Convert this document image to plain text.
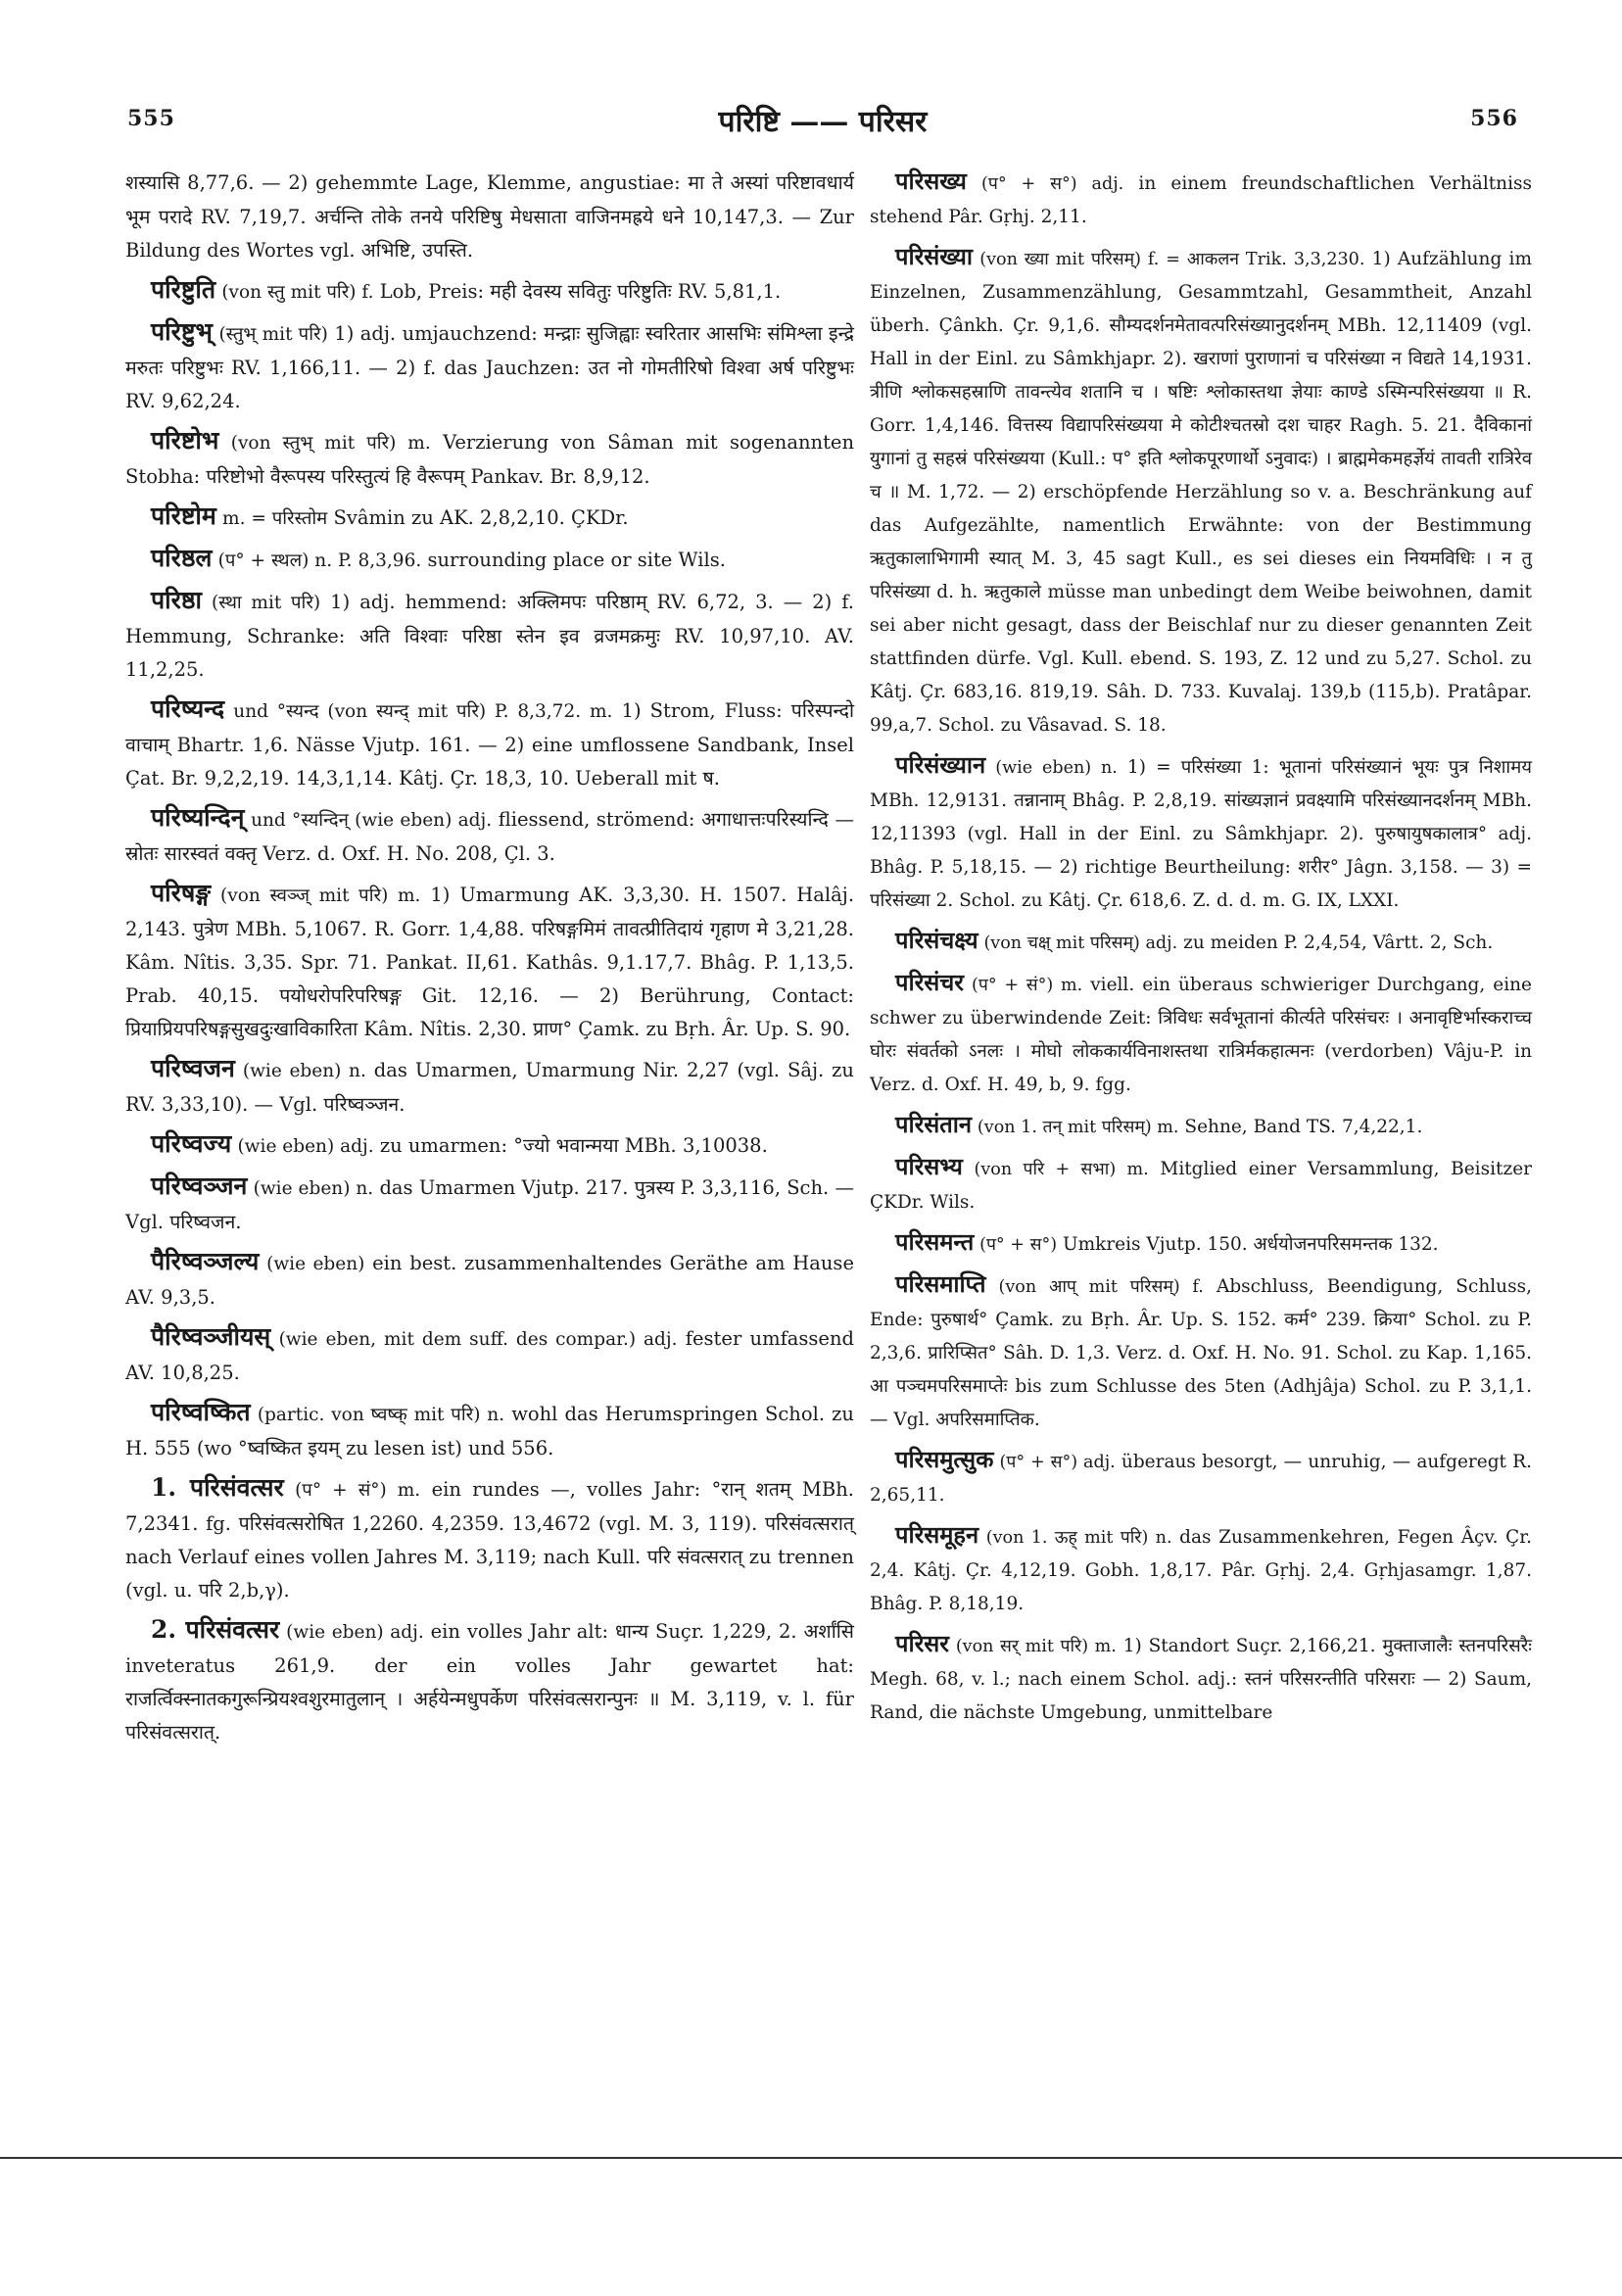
555	परिष्टि —— परिसर	556

शस्यासि 8,77,6. — 2) gehemmte Lage, Klemme, angustiae: मा ते अस्यां परिष्टावधार्य भूम परादे RV. 7,19,7. अर्चन्ति तोके तनये परिष्टिषु मेधसाता वाजिनमह्रये धने 10,147,3. — Zur Bildung des Wortes vgl. अभिष्टि, उपस्ति.

परिष्टुति (von स्तु mit परि) f. Lob, Preis: मही देवस्य सवितुः परिष्टुतिः RV. 5,81,1.

परिष्टुभ् (स्तुभ् mit परि) 1) adj. umjauchzend: मन्द्राः सुजिह्वाः स्वरितार आसभिः संमिश्ला इन्द्रे मरुतः परिष्टुभः RV. 1,166,11. — 2) f. das Jauchzen: उत नो गोमतीरिषो विश्वा अर्ष परिष्टुभः RV. 9,62,24.

परिष्टोभ (von स्तुभ् mit परि) m. Verzierung von Sâman mit sogenannten Stobha: परिष्टोभो वैरूपस्य परिस्तुत्यं हि वैरूपम् Pankav. Br. 8,9,12.

परिष्टोम m. = परिस्तोम Svâmin zu AK. 2,8,2,10. ÇKDr.

परिष्ठल (प° + स्थल) n. P. 8,3,96. surrounding place or site Wils.

परिष्ठा (स्था mit परि) 1) adj. hemmend: अक्लिमपः परिष्ठाम् RV. 6,72, 3. — 2) f. Hemmung, Schranke: अति विश्वाः परिष्ठा स्तेन इव व्रजमक्रमुः RV. 10,97,10. AV. 11,2,25.

परिष्यन्द und °स्यन्द (von स्यन्द् mit परि) P. 8,3,72. m. 1) Strom, Fluss: परिस्पन्दो वाचाम् Bhartr. 1,6. Nässe Vjutp. 161. — 2) eine umflossene Sandbank, Insel Çat. Br. 9,2,2,19. 14,3,1,14. Kâtj. Çr. 18,3, 10. Ueberall mit ष.

परिष्यन्दिन् und °स्यन्दिन् (wie eben) adj. fliessend, strömend: अगाधात्तःपरिस्यन्दि — स्रोतः सारस्वतं वक्तृ Verz. d. Oxf. H. No. 208, Çl. 3.

परिषङ्ग (von स्वञ्ज् mit परि) m. 1) Umarmung AK. 3,3,30. H. 1507. Halâj. 2,143. पुत्रेण MBh. 5,1067. R. Gorr. 1,4,88. परिषङ्गमिमं तावत्प्रीतिदायं गृहाण मे 3,21,28. Kâm. Nîtis. 3,35. Spr. 71. Pankat. II,61. Kathâs. 9,1.17,7. Bhâg. P. 1,13,5. Prab. 40,15. पयोधरोपरिपरिषङ्ग Git. 12,16. — 2) Berührung, Contact: प्रियाप्रियपरिषङ्गसुखदुःखाविकारिता Kâm. Nîtis. 2,30. प्राण° Çamk. zu Bṛh. Âr. Up. S. 90.

परिष्वजन (wie eben) n. das Umarmen, Umarmung Nir. 2,27 (vgl. Sâj. zu RV. 3,33,10). — Vgl. परिष्वञ्जन.

परिष्वज्य (wie eben) adj. zu umarmen: °ज्यो भवान्मया MBh. 3,10038.

परिष्वञ्जन (wie eben) n. das Umarmen Vjutp. 217. पुत्रस्य P. 3,3,116, Sch. — Vgl. परिष्वजन.

पैरिष्वञ्जल्य (wie eben) ein best. zusammenhaltendes Geräthe am Hause AV. 9,3,5.

पैरिष्वञ्जीयस् (wie eben, mit dem suff. des compar.) adj. fester umfassend AV. 10,8,25.

परिष्वष्कित (partic. von ष्वष्क् mit परि) n. wohl das Herumspringen Schol. zu H. 555 (wo °ष्वष्कित इयम् zu lesen ist) und 556.

1. परिसंवत्सर (प° + सं°) m. ein rundes —, volles Jahr: °रान् शतम् MBh. 7,2341. fg. परिसंवत्सरोषित 1,2260. 4,2359. 13,4672 (vgl. M. 3, 119). परिसंवत्सरात् nach Verlauf eines vollen Jahres M. 3,119; nach Kull. परि संवत्सरात् zu trennen (vgl. u. परि 2,b,γ).

2. परिसंवत्सर (wie eben) adj. ein volles Jahr alt: धान्य Suçr. 1,229, 2. अर्शांसि inveteratus 261,9. der ein volles Jahr gewartet hat: राजर्त्विक्स्नातकगुरून्प्रियश्वशुरमातुलान् । अर्हयेन्मधुपर्केण परिसंवत्सरान्पुनः ॥ M. 3,119, v. l. für परिसंवत्सरात्.

परिसख्य (प° + स°) adj. in einem freundschaftlichen Verhältniss stehend Pâr. Gṛhj. 2,11.

परिसंख्या (von ख्या mit परिसम्) f. = आकलन Trik. 3,3,230. 1) Aufzählung im Einzelnen, Zusammenzählung, Gesammtzahl, Gesammtheit, Anzahl überh. Çânkh. Çr. 9,1,6. सौम्यदर्शनमेतावत्परिसंख्यानुदर्शनम् MBh. 12,11409 (vgl. Hall in der Einl. zu Sâmkhjapr. 2). खराणां पुराणानां च परिसंख्या न विद्यते 14,1931. त्रीणि श्लोकसहस्राणि तावन्त्येव शतानि च । षष्टिः श्लोकास्तथा ज्ञेयाः काण्डे ऽस्मिन्परिसंख्यया ॥ R. Gorr. 1,4,146. वित्तस्य विद्यापरिसंख्यया मे कोटीश्चतस्रो दश चाहर Ragh. 5. 21. दैविकानां युगानां तु सहस्रं परिसंख्यया (Kull.: प° इति श्लोकपूरणार्थो ऽनुवादः) । ब्राह्ममेकमहर्ज्ञेयं तावती रात्रिरेव च ॥ M. 1,72. — 2) erschöpfende Herzählung so v. a. Beschränkung auf das Aufgezählte, namentlich Erwähnte: von der Bestimmung ऋतुकालाभिगामी स्यात् M. 3, 45 sagt Kull., es sei dieses ein नियमविधिः । न तु परिसंख्या d. h. ऋतुकाले müsse man unbedingt dem Weibe beiwohnen, damit sei aber nicht gesagt, dass der Beischlaf nur zu dieser genannten Zeit stattfinden dürfe. Vgl. Kull. ebend. S. 193, Z. 12 und zu 5,27. Schol. zu Kâtj. Çr. 683,16. 819,19. Sâh. D. 733. Kuvalaj. 139,b (115,b). Pratâpar. 99,a,7. Schol. zu Vâsavad. S. 18.

परिसंख्यान (wie eben) n. 1) = परिसंख्या 1: भूतानां परिसंख्यानं भूयः पुत्र निशामय MBh. 12,9131. तन्नानाम् Bhâg. P. 2,8,19. सांख्यज्ञानं प्रवक्ष्यामि परिसंख्यानदर्शनम् MBh. 12,11393 (vgl. Hall in der Einl. zu Sâmkhjapr. 2). पुरुषायुषकालात्र° adj. Bhâg. P. 5,18,15. — 2) richtige Beurtheilung: शरीर° Jâgn. 3,158. — 3) = परिसंख्या 2. Schol. zu Kâtj. Çr. 618,6. Z. d. d. m. G. IX, LXXI.

परिसंचक्ष्य (von चक्ष् mit परिसम्) adj. zu meiden P. 2,4,54, Vârtt. 2, Sch.

परिसंचर (प° + सं°) m. viell. ein überaus schwieriger Durchgang, eine schwer zu überwindende Zeit: त्रिविधः सर्वभूतानां कीर्त्यते परिसंचरः । अनावृष्टिर्भास्कराच्च घोरः संवर्तको ऽनलः । मोघो लोककार्यविनाशस्तथा रात्रिर्मकहात्मनः (verdorben) Vâju-P. in Verz. d. Oxf. H. 49, b, 9. fgg.

परिसंतान (von 1. तन् mit परिसम्) m. Sehne, Band TS. 7,4,22,1.

परिसभ्य (von परि + सभा) m. Mitglied einer Versammlung, Beisitzer ÇKDr. Wils.

परिसमन्त (प° + स°) Umkreis Vjutp. 150. अर्धयोजनपरिसमन्तक 132.

परिसमाप्ति (von आप् mit परिसम्) f. Abschluss, Beendigung, Schluss, Ende: पुरुषार्थ° Çamk. zu Bṛh. Âr. Up. S. 152. कर्म° 239. क्रिया° Schol. zu P. 2,3,6. प्रारिप्सित° Sâh. D. 1,3. Verz. d. Oxf. H. No. 91. Schol. zu Kap. 1,165. आ पञ्चमपरिसमाप्तेः bis zum Schlusse des 5ten (Adhjâja) Schol. zu P. 3,1,1. — Vgl. अपरिसमाप्तिक.

परिसमुत्सुक (प° + स°) adj. überaus besorgt, — unruhig, — aufgeregt R. 2,65,11.

परिसमूहन (von 1. ऊह् mit परि) n. das Zusammenkehren, Fegen Âçv. Çr. 2,4. Kâtj. Çr. 4,12,19. Gobh. 1,8,17. Pâr. Gṛhj. 2,4. Gṛhjasamgr. 1,87. Bhâg. P. 8,18,19.

परिसर (von सर् mit परि) m. 1) Standort Suçr. 2,166,21. मुक्ताजालैः स्तनपरिसरैः Megh. 68, v. l.; nach einem Schol. adj.: स्तनं परिसरन्तीति परिसराः — 2) Saum, Rand, die nächste Umgebung, unmittelbare
